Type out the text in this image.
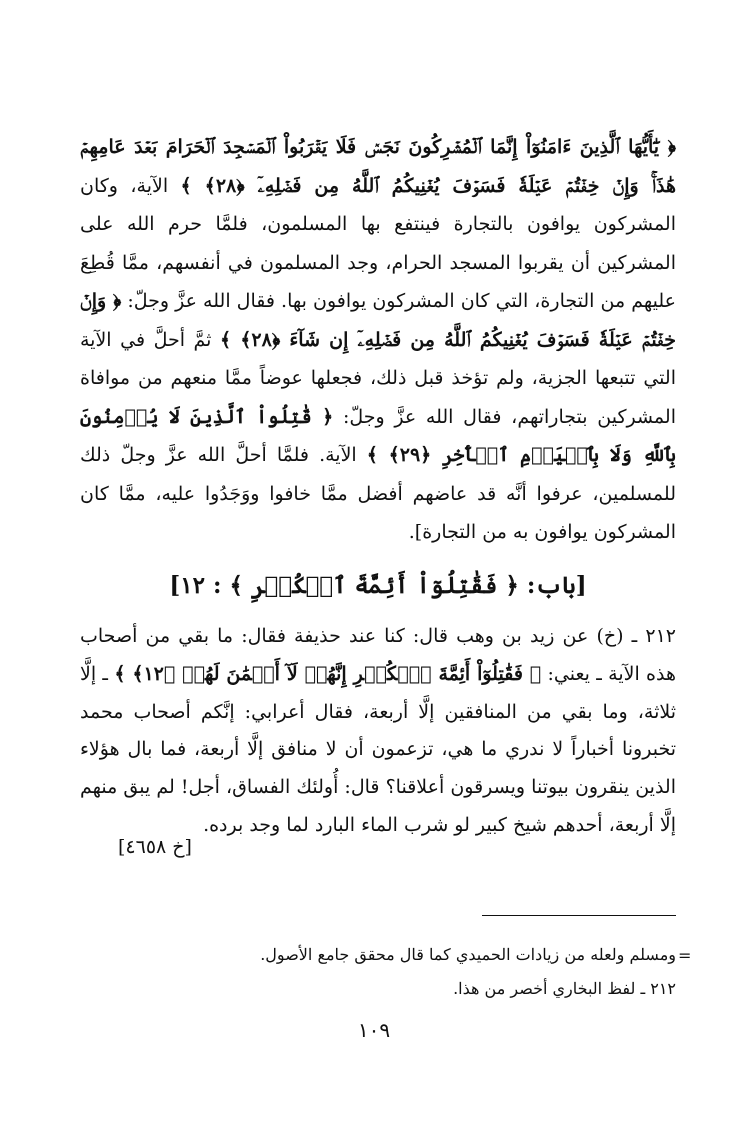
﴿ يَٰٓأَيُّهَا ٱلَّذِينَ ءَامَنُوٓاْ إِنَّمَا ٱلۡمُشۡرِكُونَ نَجَسٞ فَلَا يَقۡرَبُواْ ٱلۡمَسۡجِدَ ٱلۡحَرَامَ بَعۡدَ عَامِهِمۡ هَٰذَاۚ وَإِنۡ خِفۡتُمۡ عَيۡلَةٗ فَسَوۡفَ يُغۡنِيكُمُ ٱللَّهُ مِن فَضۡلِهِۦٓ ﴿٢٨﴾ ﴾ الآية، وكان المشركون يوافون بالتجارة فينتفع بها المسلمون، فلمَّا حرم الله على المشركين أن يقربوا المسجد الحرام، وجد المسلمون في أنفسهم، ممَّا قُطِعَ عليهم من التجارة، التي كان المشركون يوافون بها. فقال الله عزَّ وجلّ: ﴿ وَإِنۡ خِفۡتُمۡ عَيۡلَةٗ فَسَوۡفَ يُغۡنِيكُمُ ٱللَّهُ مِن فَضۡلِهِۦٓ إِن شَآءَ ﴿٢٨﴾ ﴾ ثمَّ أحلَّ في الآية التي تتبعها الجزية، ولم تؤخذ قبل ذلك، فجعلها عوضاً ممَّا منعهم من موافاة المشركين بتجاراتهم، فقال الله عزَّ وجلّ: ﴿ قَٰتِلُواْ ٱلَّذِينَ لَا يُؤۡمِنُونَ بِٱللَّهِ وَلَا بِٱلۡيَوۡمِ ٱلۡأٓخِرِ ﴿٢٩﴾ ﴾ الآية. فلمَّا أحلَّ الله عزَّ وجلّ ذلك للمسلمين، عرفوا أنَّه قد عاضهم أفضل ممَّا خافوا ووَجَدُوا عليه، ممَّا كان المشركون يوافون به من التجارة].

[باب: ﴿ فَقَٰتِلُوٓاْ أَئِمَّةَ ٱلۡكُفۡرِ ﴾ : ١٢]

٢١٢ ـ (خ) عن زيد بن وهب قال: كنا عند حذيفة فقال: ما بقي من أصحاب هذه الآية ـ يعني: ﴿ فَقَٰتِلُوٓاْ أَئِمَّةَ ٱلۡكُفۡرِ إِنَّهُمۡ لَآ أَيۡمَٰنَ لَهُمۡ ﴿١٢﴾ ﴾ ـ إلَّا ثلاثة، وما بقي من المنافقين إلَّا أربعة، فقال أعرابي: إنَّكم أصحاب محمد تخبرونا أخباراً لا ندري ما هي، تزعمون أن لا منافق إلَّا أربعة، فما بال هؤلاء الذين ينقرون بيوتنا ويسرقون أعلاقنا؟ قال: أُولئك الفساق، أجل! لم يبق منهم إلَّا أربعة، أحدهم شيخ كبير لو شرب الماء البارد لما وجد برده.

[خ ٤٦٥٨]
=

ومسلم ولعله من زيادات الحميدي كما قال محقق جامع الأصول.

٢١٢ ـ لفظ البخاري أخصر من هذا.

١٠٩
